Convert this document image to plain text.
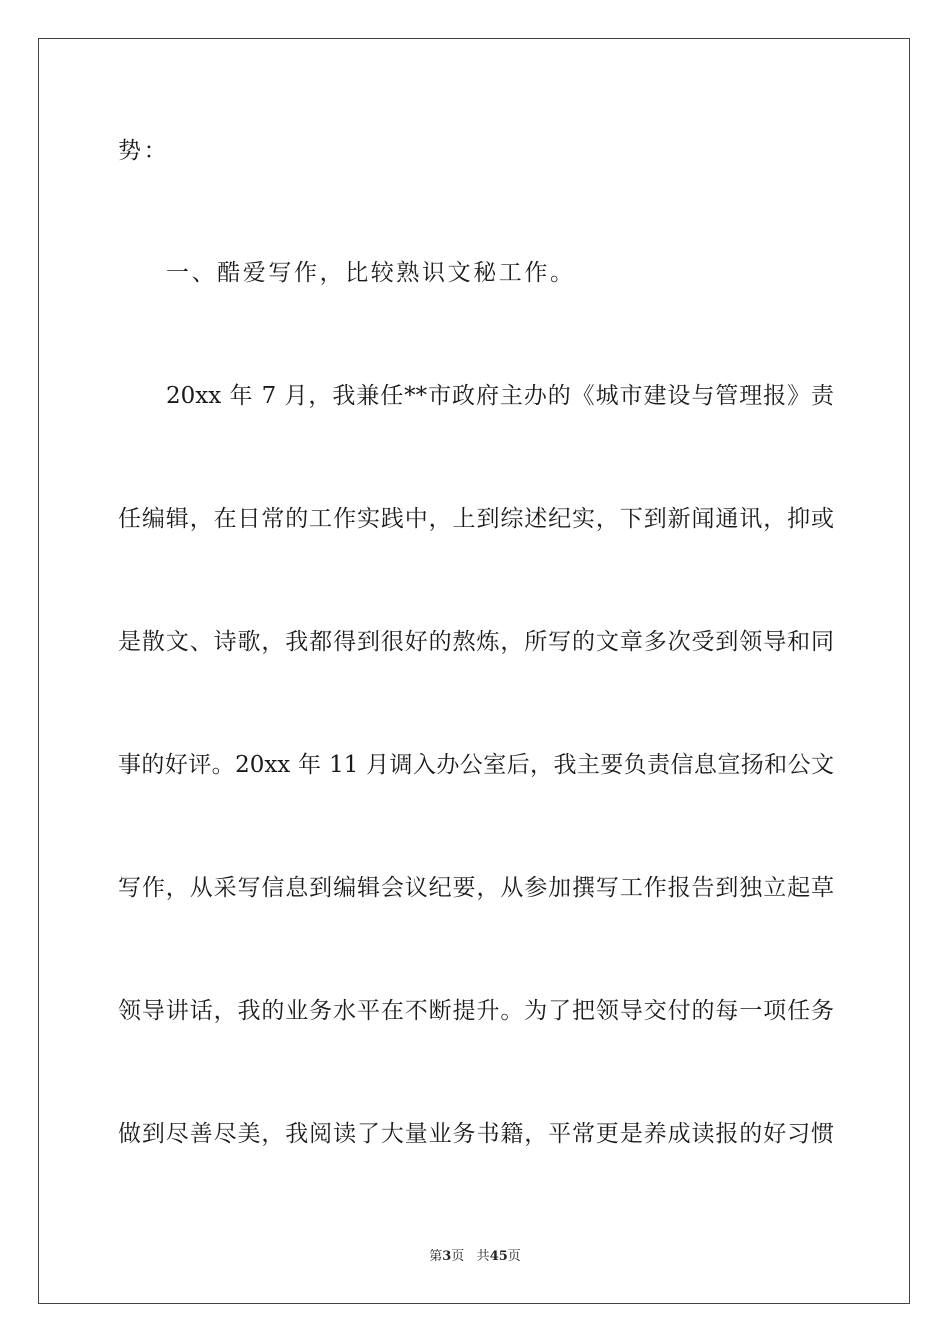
势：
一、酷爱写作，比较熟识文秘工作。
20xx 年 7 月，我兼任**市政府主办的《城市建设与管理报》责
任编辑，在日常的工作实践中，上到综述纪实，下到新闻通讯，抑或
是散文、诗歌，我都得到很好的熬炼，所写的文章多次受到领导和同
事的好评。20xx 年 11 月调入办公室后，我主要负责信息宣扬和公文
写作，从采写信息到编辑会议纪要，从参加撰写工作报告到独立起草
领导讲话，我的业务水平在不断提升。为了把领导交付的每一项任务
做到尽善尽美，我阅读了大量业务书籍，平常更是养成读报的好习惯
第3页 共45页
